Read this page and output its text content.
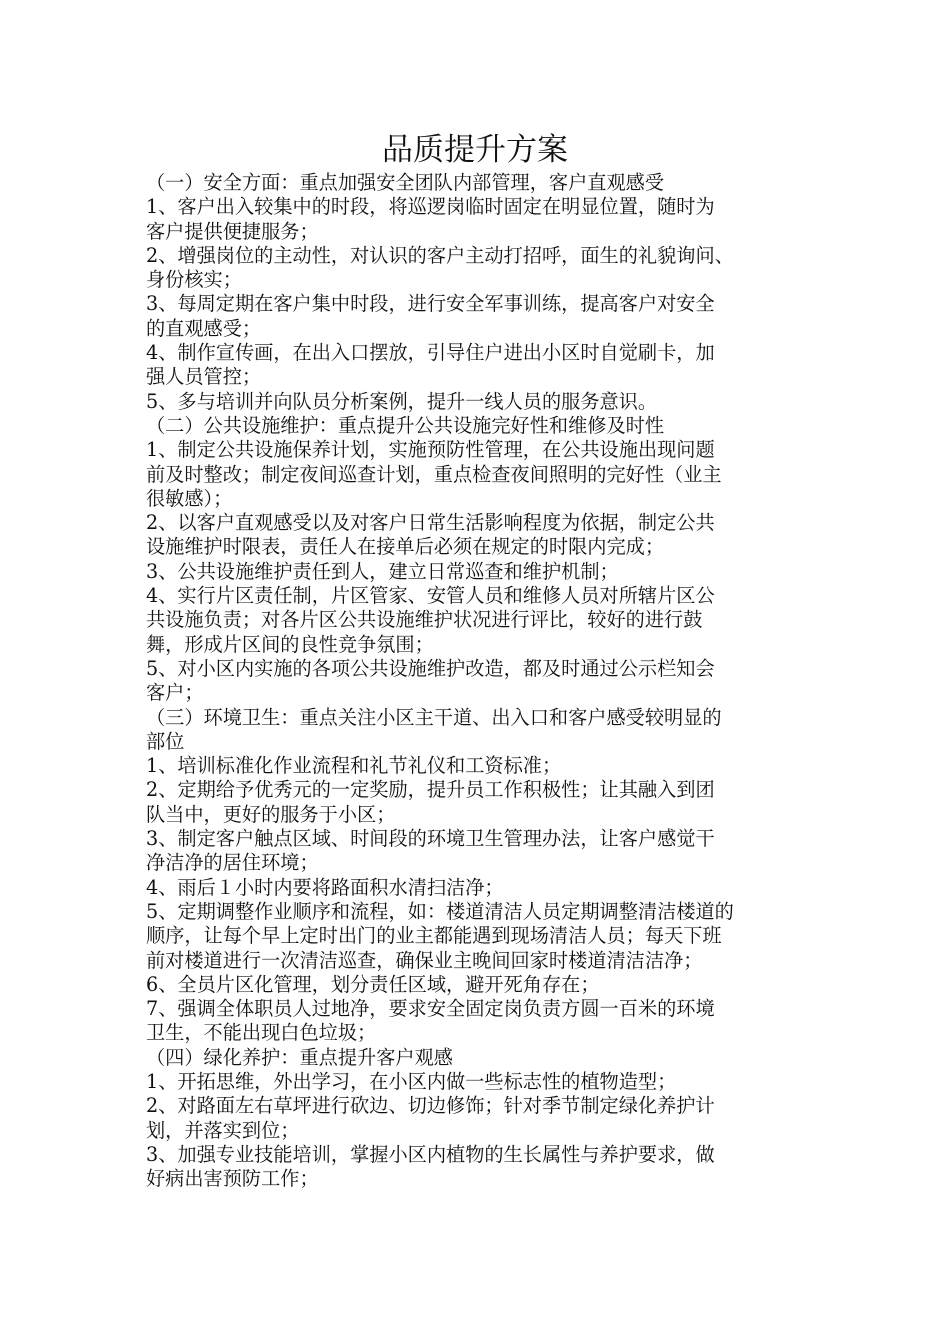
品质提升方案
（一）安全方面：重点加强安全团队内部管理，客户直观感受
1、客户出入较集中的时段，将巡逻岗临时固定在明显位置，随时为
客户提供便捷服务；
2、增强岗位的主动性，对认识的客户主动打招呼，面生的礼貌询问、
身份核实；
3、每周定期在客户集中时段，进行安全军事训练，提高客户对安全
的直观感受；
4、制作宣传画，在出入口摆放，引导住户进出小区时自觉刷卡，加
强人员管控；
5、多与培训并向队员分析案例，提升一线人员的服务意识。
（二）公共设施维护：重点提升公共设施完好性和维修及时性
1、制定公共设施保养计划，实施预防性管理，在公共设施出现问题
前及时整改；制定夜间巡查计划，重点检查夜间照明的完好性（业主
很敏感）；
2、以客户直观感受以及对客户日常生活影响程度为依据，制定公共
设施维护时限表，责任人在接单后必须在规定的时限内完成；
3、公共设施维护责任到人，建立日常巡查和维护机制；
4、实行片区责任制，片区管家、安管人员和维修人员对所辖片区公
共设施负责；对各片区公共设施维护状况进行评比，较好的进行鼓
舞，形成片区间的良性竞争氛围；
5、对小区内实施的各项公共设施维护改造，都及时通过公示栏知会
客户；
（三）环境卫生：重点关注小区主干道、出入口和客户感受较明显的
部位
1、培训标准化作业流程和礼节礼仪和工资标准；
2、定期给予优秀元的一定奖励，提升员工作积极性；让其融入到团
队当中，更好的服务于小区；
3、制定客户触点区域、时间段的环境卫生管理办法，让客户感觉干
净洁净的居住环境；
4、雨后１小时内要将路面积水清扫洁净；
5、定期调整作业顺序和流程，如：楼道清洁人员定期调整清洁楼道的
顺序，让每个早上定时出门的业主都能遇到现场清洁人员；每天下班
前对楼道进行一次清洁巡查，确保业主晚间回家时楼道清洁洁净；
6、全员片区化管理，划分责任区域，避开死角存在；
7、强调全体职员人过地净，要求安全固定岗负责方圆一百米的环境
卫生，不能出现白色垃圾；
（四）绿化养护：重点提升客户观感
1、开拓思维，外出学习，在小区内做一些标志性的植物造型；
2、对路面左右草坪进行砍边、切边修饰；针对季节制定绿化养护计
划，并落实到位；
3、加强专业技能培训，掌握小区内植物的生长属性与养护要求，做
好病出害预防工作；
